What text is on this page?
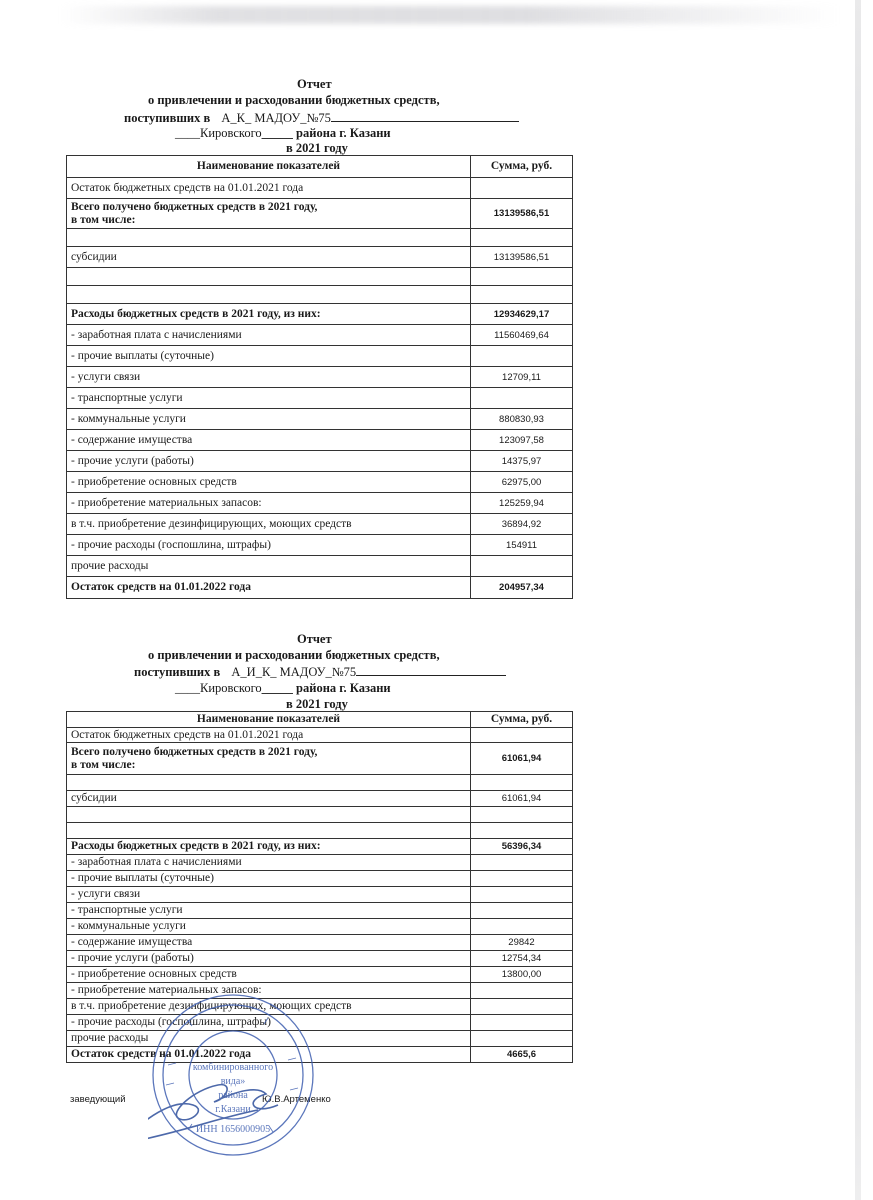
Отчет
о привлечении и расходовании бюджетных средств,
поступивших в А_К_ МАДОУ_№75
____Кировского_____ района г. Казани
в 2021 году
Наименование показателей	Сумма, руб.
Остаток бюджетных средств на 01.01.2021 года	
Всего получено бюджетных средств в 2021 году,
в том числе:	13139586,51

субсидии	13139586,51

Расходы бюджетных средств в 2021 году, из них:	12934629,17
- заработная плата с начислениями	11560469,64
- прочие выплаты (суточные)	
- услуги связи	12709,11
- транспортные услуги	
- коммунальные услуги	880830,93
- содержание имущества	123097,58
- прочие услуги (работы)	14375,97
- приобретение основных средств	62975,00
- приобретение материальных запасов:	125259,94
в т.ч. приобретение дезинфицирующих, моющих средств	36894,92
- прочие расходы (госпошлина, штрафы)	154911
прочие расходы	
Остаток средств на 01.01.2022 года	204957,34
Отчет
о привлечении и расходовании бюджетных средств,
поступивших в А_И_К_ МАДОУ_№75
____Кировского_____ района г. Казани
в 2021 году
Наименование показателей	Сумма, руб.
Остаток бюджетных средств на 01.01.2021 года	
Всего получено бюджетных средств в 2021 году,
в том числе:	61061,94

субсидии	61061,94

Расходы бюджетных средств в 2021 году, из них:	56396,34
- заработная плата с начислениями	
- прочие выплаты (суточные)	
- услуги связи	
- транспортные услуги	
- коммунальные услуги	
- содержание имущества	29842
- прочие услуги (работы)	12754,34
- приобретение основных средств	13800,00
- приобретение материальных запасов:	
в т.ч. приобретение дезинфицирующих, моющих средств	
- прочие расходы (госпошлина, штрафы)	
прочие расходы	
Остаток средств на 01.01.2022 года	4665,6
заведующий	Ю.В.Артеменко
комбинированного
вида»
района
г.Казани
ИНН 1656000905
